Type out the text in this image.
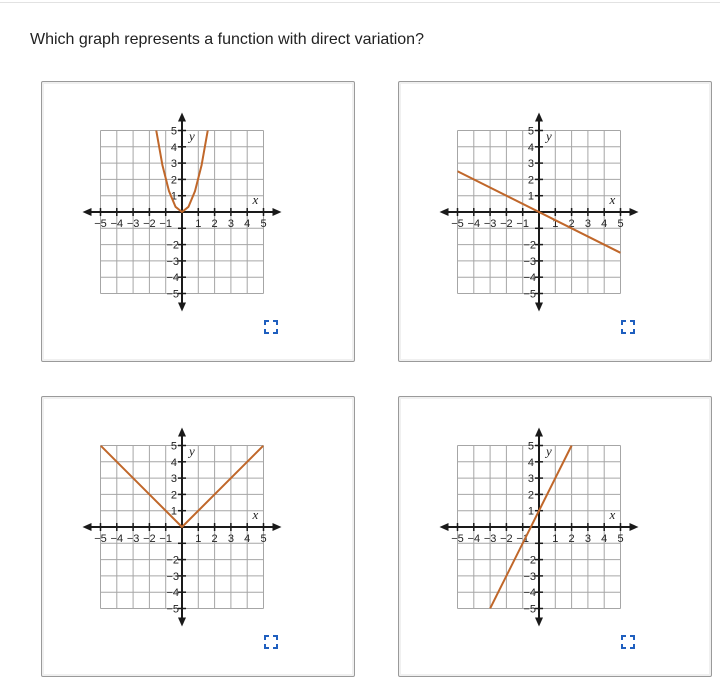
Which graph represents a function with direct variation?
−5 −4 −3 −2 −1 1 2 3 4 5
5
4
3
2
1
−2
−3
−4
−5
x
y
−5 −4 −3 −2 −1 1 2 3 4 5
5
4
3
2
1
−2
−3
−4
−5
x
y
−5 −4 −3 −2 −1 1 2 3 4 5
5
4
3
2
1
−2
−3
−4
−5
x
y
−5 −4 −3 −2 −1 1 2 3 4 5
5
4
3
2
1
−2
−3
−4
−5
x
y
